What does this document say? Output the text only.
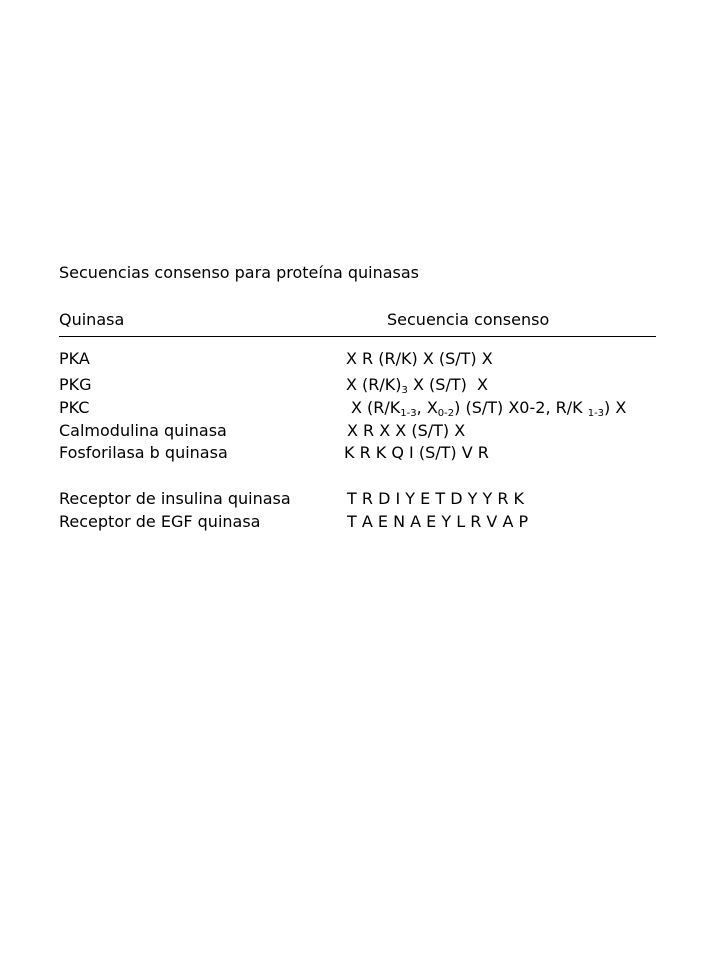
Secuencias consenso para proteína quinasas
Quinasa	Secuencia consenso
PKA	X R (R/K) X (S/T) X
PKG	X $(R/K)_3$ X (S/T)  X
PKC	X ($R/K_{1-3}$, $X_{0-2}$) (S/T) X0-2, R/K $_{1-3}$) X
Calmodulina quinasa	X R X X (S/T) X
Fosforilasa b quinasa	K R K Q I (S/T) V R
Receptor de insulina quinasa	T R D I Y E T D Y Y R K
Receptor de EGF quinasa	T A E N A E Y L R V A P
